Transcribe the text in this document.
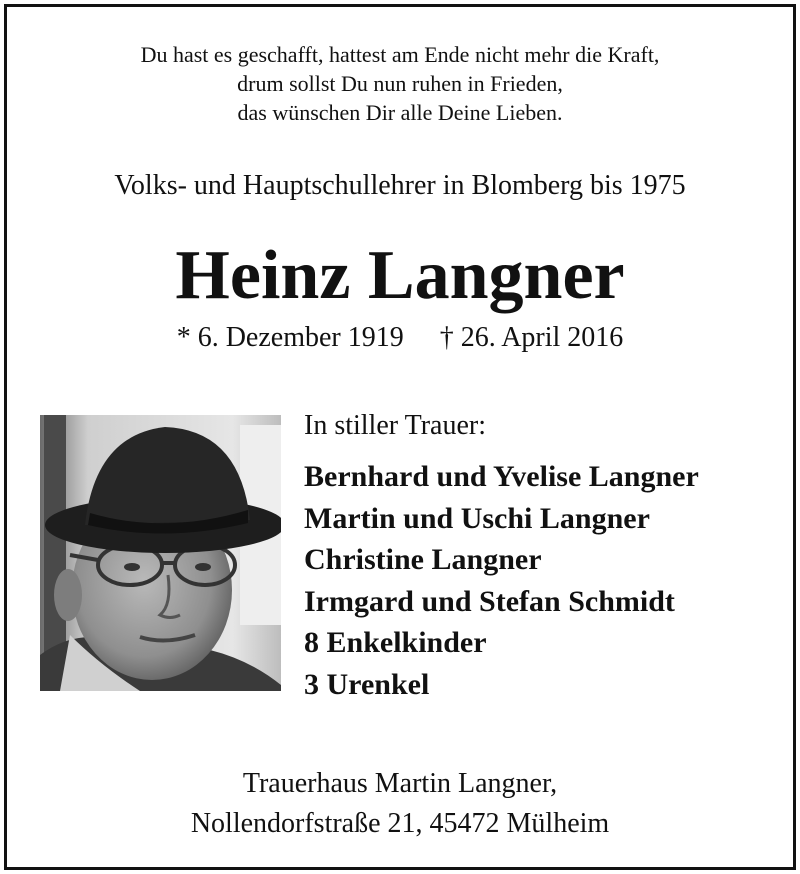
Du hast es geschafft, hattest am Ende nicht mehr die Kraft,
drum sollst Du nun ruhen in Frieden,
das wünschen Dir alle Deine Lieben.
Volks- und Hauptschullehrer in Blomberg bis 1975
Heinz Langner
* 6. Dezember 1919 † 26. April 2016
In stiller Trauer:
Bernhard und Yvelise Langner
Martin und Uschi Langner
Christine Langner
Irmgard und Stefan Schmidt
8 Enkelkinder
3 Urenkel
Trauerhaus Martin Langner,
Nollendorfstraße 21, 45472 Mülheim
